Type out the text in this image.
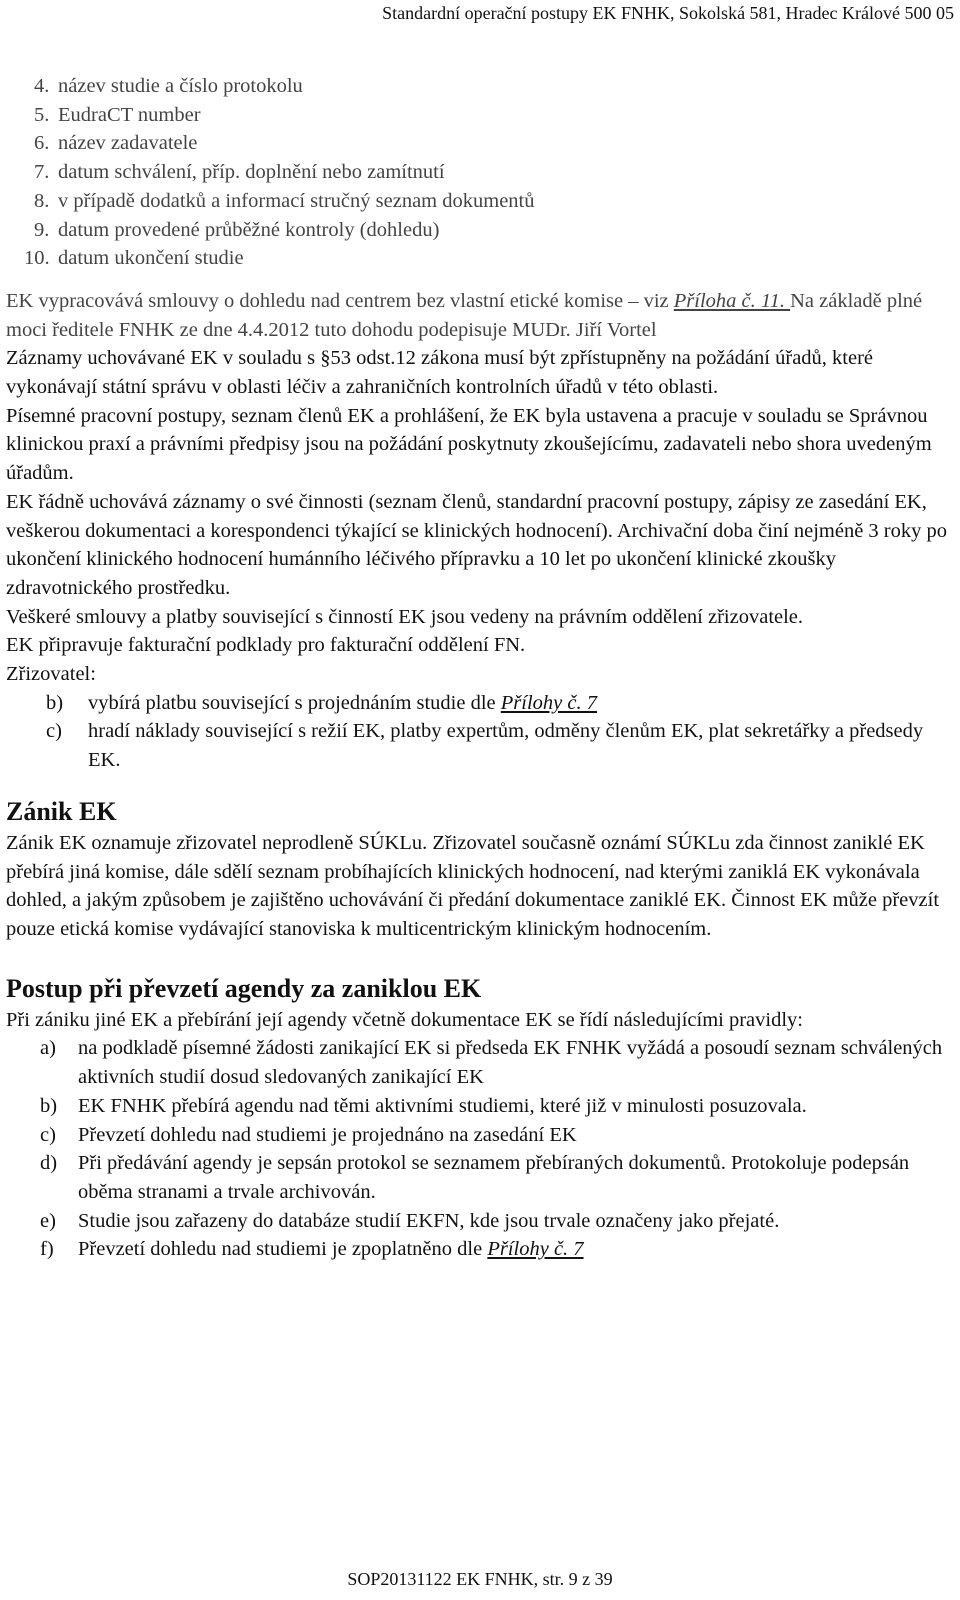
Standardní operační postupy EK FNHK, Sokolská 581, Hradec Králové 500 05
4. název studie a číslo protokolu
5. EudraCT number
6. název zadavatele
7. datum schválení, příp. doplnění nebo zamítnutí
8. v případě dodatků a informací stručný seznam dokumentů
9. datum provedené průběžné kontroly (dohledu)
10. datum ukončení studie

EK vypracovává smlouvy o dohledu nad centrem bez vlastní etické komise – viz Příloha č. 11. Na základě plné moci ředitele FNHK ze dne 4.4.2012 tuto dohodu podepisuje MUDr. Jiří Vortel

Záznamy uchovávané EK v souladu s §53 odst.12 zákona musí být zpřístupněny na požádání úřadů, které vykonávají státní správu v oblasti léčiv a zahraničních kontrolních úřadů v této oblasti.

Písemné pracovní postupy, seznam členů EK a prohlášení, že EK byla ustavena a pracuje v souladu se Správnou klinickou praxí a právními předpisy jsou na požádání poskytnuty zkoušejícímu, zadavateli nebo shora uvedeným úřadům.

EK řádně uchovává záznamy o své činnosti (seznam členů, standardní pracovní postupy, zápisy ze zasedání EK, veškerou dokumentaci a korespondenci týkající se klinických hodnocení). Archivační doba činí nejméně 3 roky po ukončení klinického hodnocení humánního léčivého přípravku a 10 let po ukončení klinické zkoušky zdravotnického prostředku.

Veškeré smlouvy a platby související s činností EK jsou vedeny na právním oddělení zřizovatele.

EK připravuje fakturační podklady pro fakturační oddělení FN.

Zřizovatel:

b)	vybírá platbu související s projednáním studie dle Přílohy č. 7
c)	hradí náklady související s režií EK, platby expertům, odměny členům EK, plat sekretářky a předsedy EK.
Zánik EK

Zánik EK oznamuje zřizovatel neprodleně SÚKLu. Zřizovatel současně oznámí SÚKLu zda činnost zaniklé EK přebírá jiná komise, dále sdělí seznam probíhajících klinických hodnocení, nad kterými zaniklá EK vykonávala dohled, a jakým způsobem je zajištěno uchovávání či předání dokumentace zaniklé EK. Činnost EK může převzít pouze etická komise vydávající stanoviska k multicentrickým klinickým hodnocením.

Postup při převzetí agendy za zaniklou EK

Při zániku jiné EK a přebírání její agendy včetně dokumentace EK se řídí následujícími pravidly:

a)	na podkladě písemné žádosti zanikající EK si předseda EK FNHK vyžádá a posoudí seznam schválených aktivních studií dosud sledovaných zanikající EK
b)	EK FNHK přebírá agendu nad těmi aktivními studiemi, které již v minulosti posuzovala.
c)	Převzetí dohledu nad studiemi je projednáno na zasedání EK
d)	Při předávání agendy je sepsán protokol se seznamem přebíraných dokumentů. Protokoluje podepsán oběma stranami a trvale archivován.
e)	Studie jsou zařazeny do databáze studií EKFN, kde jsou trvale označeny jako přejaté.
f)	Převzetí dohledu nad studiemi je zpoplatněno dle Přílohy č. 7
SOP20131122 EK FNHK, str. 9 z 39
